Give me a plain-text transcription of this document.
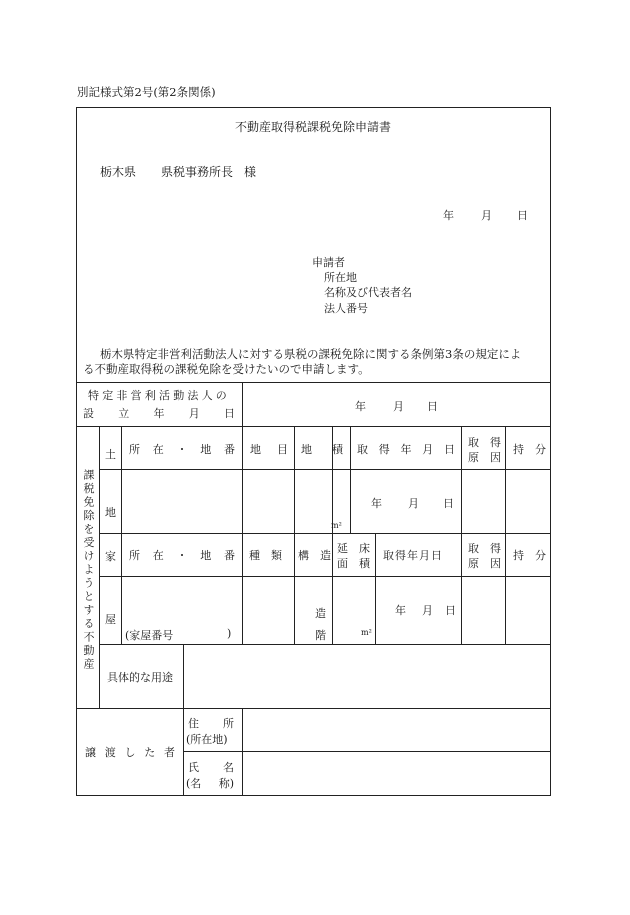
別記様式第2号(第2条関係)
不動産取得税課税免除申請書
栃木県 県税事務所長 様
年 月 日
申請者
所在地
名称及び代表者名
法人番号
栃木県特定非営利活動法人に対する県税の課税免除に関する条例第3条の規定によ
る不動産取得税の課税免除を受けたいので申請します。
特定非営利活動法人の
設 立 年 月 日
年 月 日
課税免除を受けようとする不動産
土
地
所 在 ・ 地 番 地 目 地 積 取 得 年 月 日
取　得
原　因
持　分
m²
年 月 日
家
屋
所 在 ・ 地 番 種　類 構　造
延　床
面　積
取得年月日
取　得
原　因
持　分
(家屋番号	)
造
階	m²
年 月 日
具体的な用途
譲 渡 し た 者
住 所
(所在地)
氏 名
(名 称)
